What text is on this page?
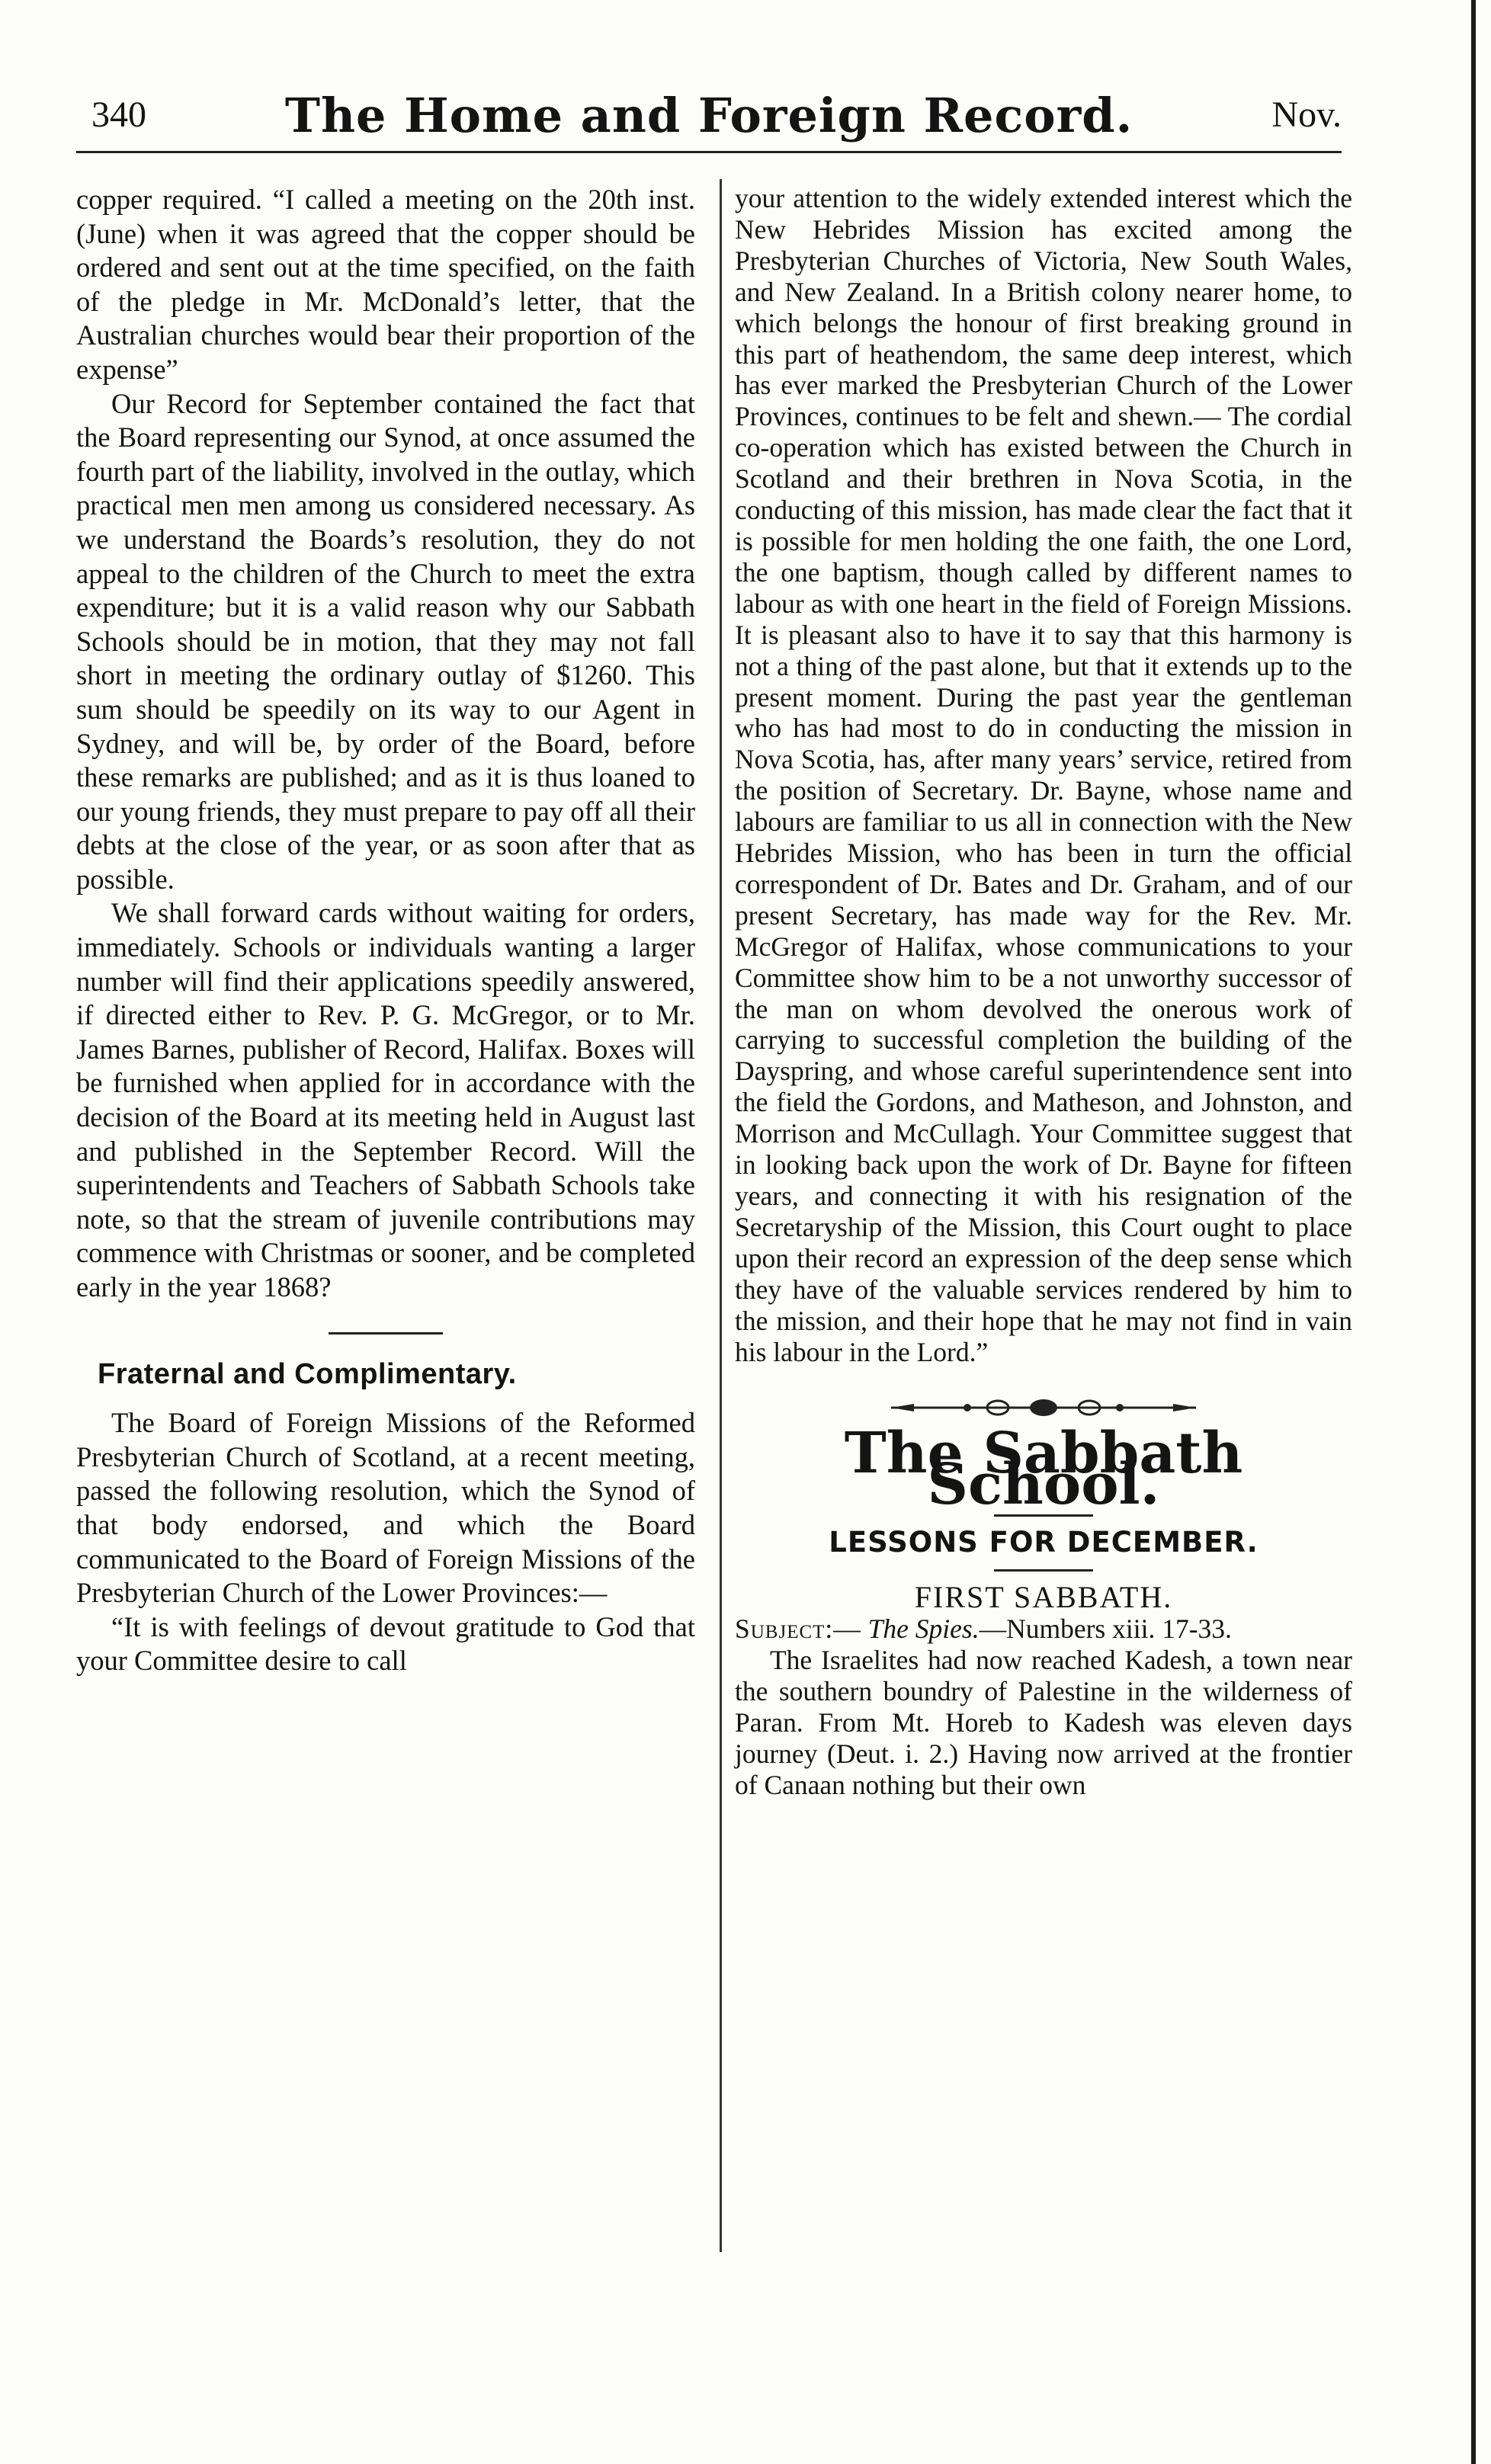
340	The Home and Foreign Record.	Nov.

copper required. “I called a meeting on the 20th inst. (June) when it was agreed that the copper should be ordered and sent out at the time specified, on the faith of the pledge in Mr. McDonald’s letter, that the Australian churches would bear their proportion of the expense”

Our Record for September contained the fact that the Board representing our Synod, at once assumed the fourth part of the liability, involved in the outlay, which practical men men among us considered necessary. As we understand the Boards’s resolution, they do not appeal to the children of the Church to meet the extra expenditure; but it is a valid reason why our Sabbath Schools should be in motion, that they may not fall short in meeting the ordinary outlay of $1260. This sum should be speedily on its way to our Agent in Sydney, and will be, by order of the Board, before these remarks are published; and as it is thus loaned to our young friends, they must prepare to pay off all their debts at the close of the year, or as soon after that as possible.

We shall forward cards without waiting for orders, immediately. Schools or individuals wanting a larger number will find their applications speedily answered, if directed either to Rev. P. G. McGregor, or to Mr. James Barnes, publisher of Record, Halifax. Boxes will be furnished when applied for in accordance with the decision of the Board at its meeting held in August last and published in the September Record. Will the superintendents and Teachers of Sabbath Schools take note, so that the stream of juvenile contributions may commence with Christmas or sooner, and be completed early in the year 1868?

Fraternal and Complimentary.

The Board of Foreign Missions of the Reformed Presbyterian Church of Scotland, at a recent meeting, passed the following resolution, which the Synod of that body endorsed, and which the Board communicated to the Board of Foreign Missions of the Presbyterian Church of the Lower Provinces:—

“It is with feelings of devout gratitude to God that your Committee desire to call

your attention to the widely extended interest which the New Hebrides Mission has excited among the Presbyterian Churches of Victoria, New South Wales, and New Zealand. In a British colony nearer home, to which belongs the honour of first breaking ground in this part of heathendom, the same deep interest, which has ever marked the Presbyterian Church of the Lower Provinces, continues to be felt and shewn.— The cordial co-operation which has existed between the Church in Scotland and their brethren in Nova Scotia, in the conducting of this mission, has made clear the fact that it is possible for men holding the one faith, the one Lord, the one baptism, though called by different names to labour as with one heart in the field of Foreign Missions. It is pleasant also to have it to say that this harmony is not a thing of the past alone, but that it extends up to the present moment. During the past year the gentleman who has had most to do in conducting the mission in Nova Scotia, has, after many years’ service, retired from the position of Secretary. Dr. Bayne, whose name and labours are familiar to us all in connection with the New Hebrides Mission, who has been in turn the official correspondent of Dr. Bates and Dr. Graham, and of our present Secretary, has made way for the Rev. Mr. McGregor of Halifax, whose communications to your Committee show him to be a not unworthy successor of the man on whom devolved the onerous work of carrying to successful completion the building of the Dayspring, and whose careful superintendence sent into the field the Gordons, and Matheson, and Johnston, and Morrison and McCullagh. Your Committee suggest that in looking back upon the work of Dr. Bayne for fifteen years, and connecting it with his resignation of the Secretaryship of the Mission, this Court ought to place upon their record an expression of the deep sense which they have of the valuable services rendered by him to the mission, and their hope that he may not find in vain his labour in the Lord.”

The Sabbath School.
LESSONS FOR DECEMBER.
FIRST SABBATH.

Subject:— The Spies.—Numbers xiii. 17-33.

The Israelites had now reached Kadesh, a town near the southern boundry of Palestine in the wilderness of Paran. From Mt. Horeb to Kadesh was eleven days journey (Deut. i. 2.) Having now arrived at the frontier of Canaan nothing but their own
